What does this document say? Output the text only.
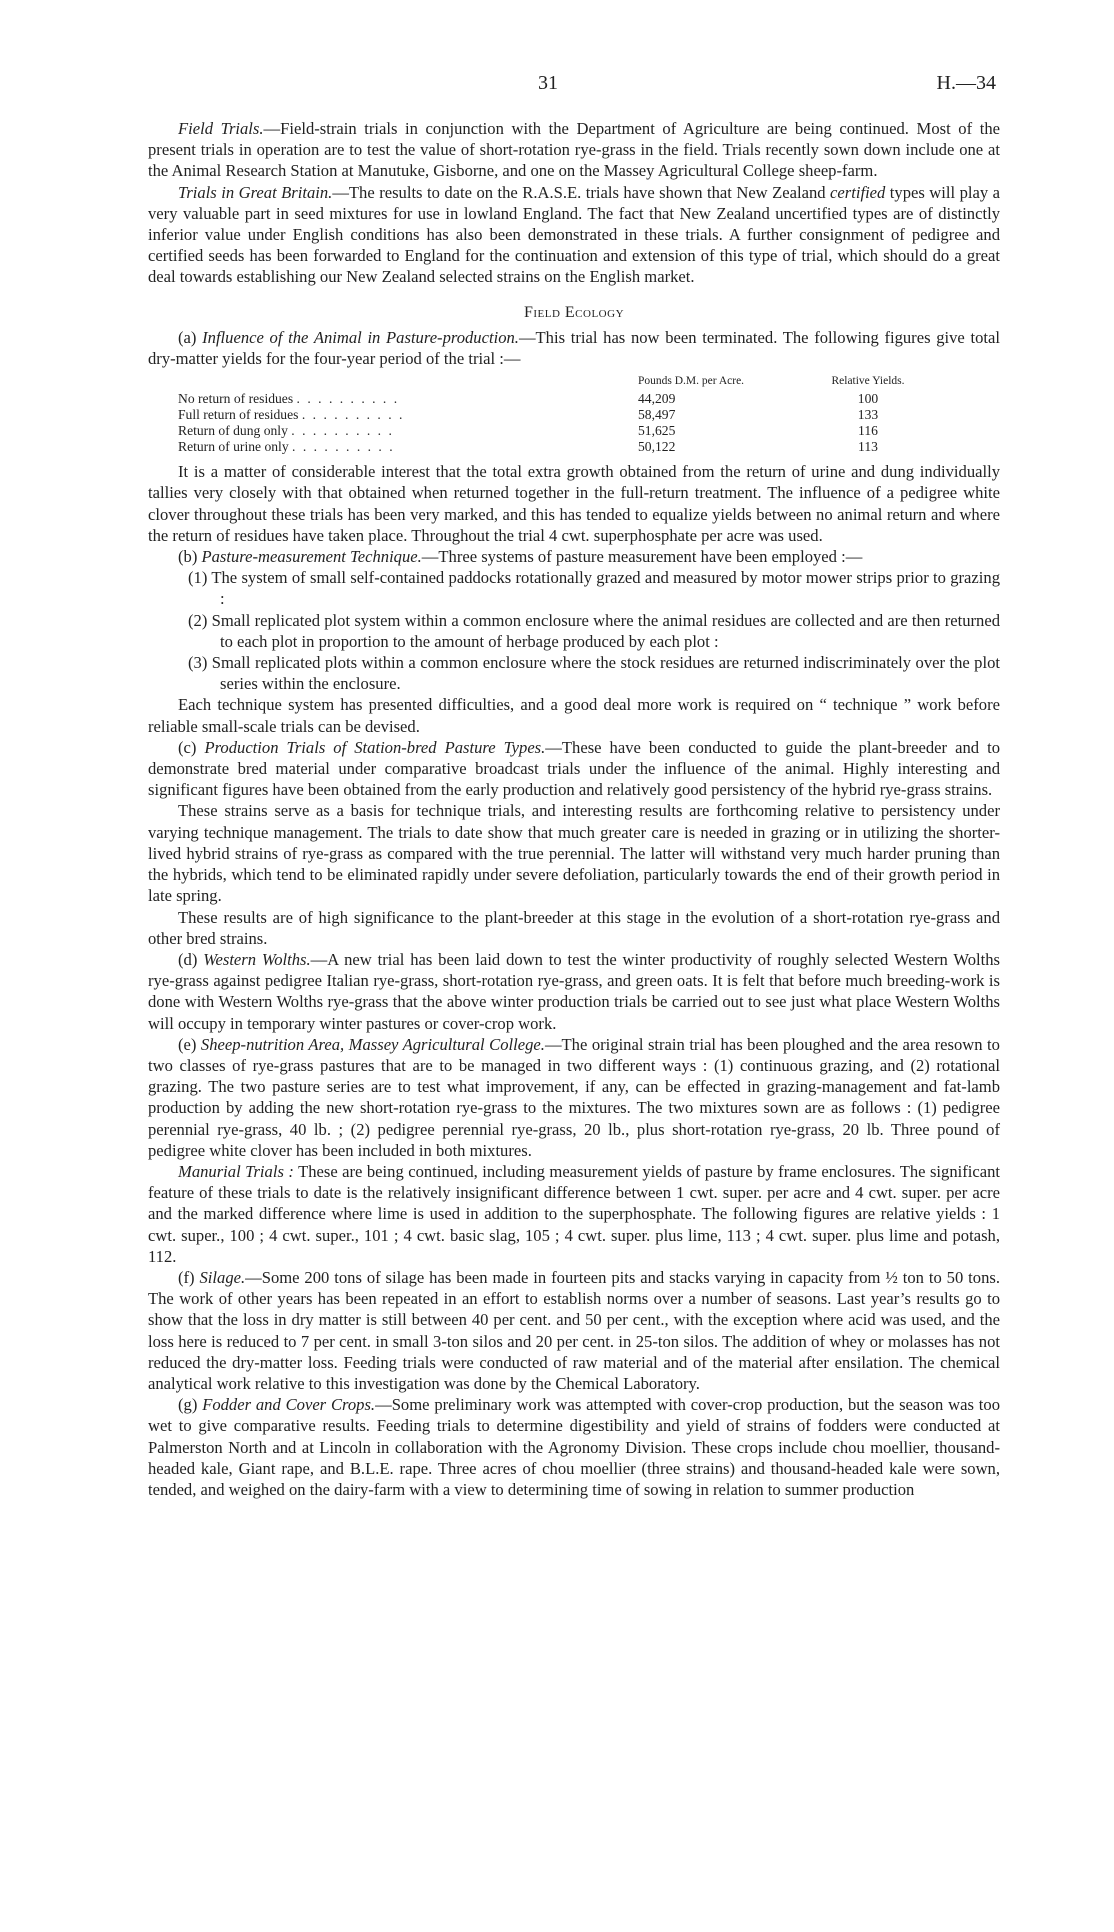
31	H.—34

Field Trials.—Field-strain trials in conjunction with the Department of Agriculture are being continued. Most of the present trials in operation are to test the value of short-rotation rye-grass in the field. Trials recently sown down include one at the Animal Research Station at Manutuke, Gisborne, and one on the Massey Agricultural College sheep-farm.

Trials in Great Britain.—The results to date on the R.A.S.E. trials have shown that New Zealand certified types will play a very valuable part in seed mixtures for use in lowland England. The fact that New Zealand uncertified types are of distinctly inferior value under English conditions has also been demonstrated in these trials. A further consignment of pedigree and certified seeds has been forwarded to England for the continuation and extension of this type of trial, which should do a great deal towards establishing our New Zealand selected strains on the English market.

Field Ecology

(a) Influence of the Animal in Pasture-production.—This trial has now been terminated. The following figures give total dry-matter yields for the four-year period of the trial :—

	Pounds D.M. per Acre.	Relative Yields.
No return of residues . . . . . . . . . .	44,209	100
Full return of residues . . . . . . . . . .	58,497	133
Return of dung only . . . . . . . . . .	51,625	116
Return of urine only . . . . . . . . . .	50,122	113

It is a matter of considerable interest that the total extra growth obtained from the return of urine and dung individually tallies very closely with that obtained when returned together in the full-return treatment. The influence of a pedigree white clover throughout these trials has been very marked, and this has tended to equalize yields between no animal return and where the return of residues have taken place. Throughout the trial 4 cwt. superphosphate per acre was used.

(b) Pasture-measurement Technique.—Three systems of pasture measurement have been employed :—

(1) The system of small self-contained paddocks rotationally grazed and measured by motor mower strips prior to grazing :
(2) Small replicated plot system within a common enclosure where the animal residues are collected and are then returned to each plot in proportion to the amount of herbage produced by each plot :
(3) Small replicated plots within a common enclosure where the stock residues are returned indiscriminately over the plot series within the enclosure.

Each technique system has presented difficulties, and a good deal more work is required on “ technique ” work before reliable small-scale trials can be devised.

(c) Production Trials of Station-bred Pasture Types.—These have been conducted to guide the plant-breeder and to demonstrate bred material under comparative broadcast trials under the influence of the animal. Highly interesting and significant figures have been obtained from the early production and relatively good persistency of the hybrid rye-grass strains.

These strains serve as a basis for technique trials, and interesting results are forthcoming relative to persistency under varying technique management. The trials to date show that much greater care is needed in grazing or in utilizing the shorter-lived hybrid strains of rye-grass as compared with the true perennial. The latter will withstand very much harder pruning than the hybrids, which tend to be eliminated rapidly under severe defoliation, particularly towards the end of their growth period in late spring.

These results are of high significance to the plant-breeder at this stage in the evolution of a short-rotation rye-grass and other bred strains.

(d) Western Wolths.—A new trial has been laid down to test the winter productivity of roughly selected Western Wolths rye-grass against pedigree Italian rye-grass, short-rotation rye-grass, and green oats. It is felt that before much breeding-work is done with Western Wolths rye-grass that the above winter production trials be carried out to see just what place Western Wolths will occupy in temporary winter pastures or cover-crop work.

(e) Sheep-nutrition Area, Massey Agricultural College.—The original strain trial has been ploughed and the area resown to two classes of rye-grass pastures that are to be managed in two different ways : (1) continuous grazing, and (2) rotational grazing. The two pasture series are to test what improvement, if any, can be effected in grazing-management and fat-lamb production by adding the new short-rotation rye-grass to the mixtures. The two mixtures sown are as follows : (1) pedigree perennial rye-grass, 40 lb. ; (2) pedigree perennial rye-grass, 20 lb., plus short-rotation rye-grass, 20 lb. Three pound of pedigree white clover has been included in both mixtures.

Manurial Trials : These are being continued, including measurement yields of pasture by frame enclosures. The significant feature of these trials to date is the relatively insignificant difference between 1 cwt. super. per acre and 4 cwt. super. per acre and the marked difference where lime is used in addition to the superphosphate. The following figures are relative yields : 1 cwt. super., 100 ; 4 cwt. super., 101 ; 4 cwt. basic slag, 105 ; 4 cwt. super. plus lime, 113 ; 4 cwt. super. plus lime and potash, 112.

(f) Silage.—Some 200 tons of silage has been made in fourteen pits and stacks varying in capacity from ½ ton to 50 tons. The work of other years has been repeated in an effort to establish norms over a number of seasons. Last year’s results go to show that the loss in dry matter is still between 40 per cent. and 50 per cent., with the exception where acid was used, and the loss here is reduced to 7 per cent. in small 3-ton silos and 20 per cent. in 25-ton silos. The addition of whey or molasses has not reduced the dry-matter loss. Feeding trials were conducted of raw material and of the material after ensilation. The chemical analytical work relative to this investigation was done by the Chemical Laboratory.

(g) Fodder and Cover Crops.—Some preliminary work was attempted with cover-crop production, but the season was too wet to give comparative results. Feeding trials to determine digestibility and yield of strains of fodders were conducted at Palmerston North and at Lincoln in collaboration with the Agronomy Division. These crops include chou moellier, thousand-headed kale, Giant rape, and B.L.E. rape. Three acres of chou moellier (three strains) and thousand-headed kale were sown, tended, and weighed on the dairy-farm with a view to determining time of sowing in relation to summer production
